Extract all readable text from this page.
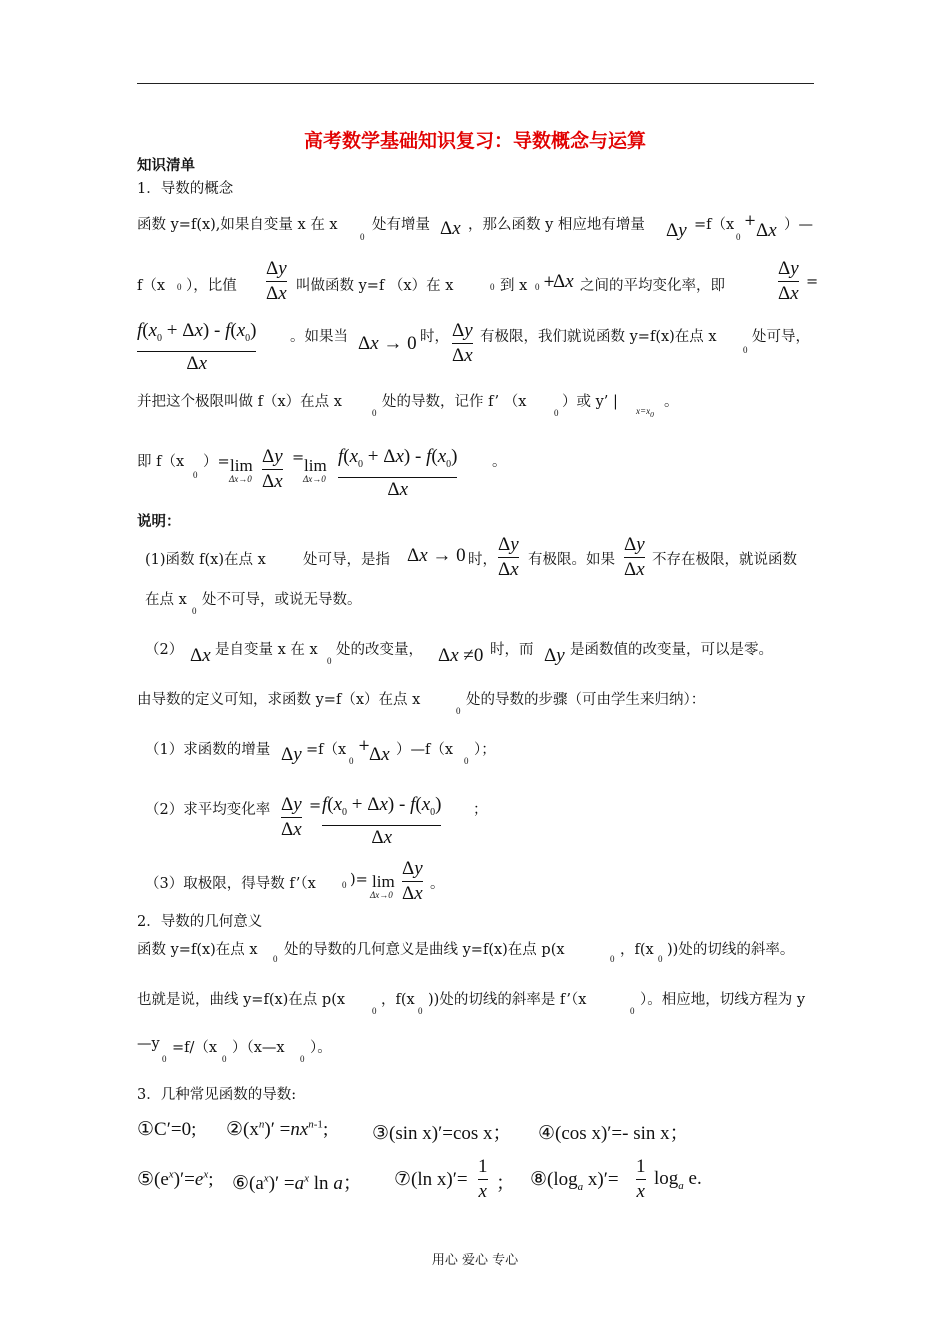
高考数学基础知识复习：导数概念与运算
知识清单
1．导数的概念
函数 y=f(x),如果自变量 x 在 x
0
处有增量 Δx ，那么函数 y 相应地有增量 Δy =f（x
0
+ Δx ）—
f（x 0 ），比值
Δy
Δx 叫做函数 y=f （x）在 x	0 到 x 0 +
Δx 之间的平均变化率，即
Δy
Δx
=
$f(x_0 + \Delta x) - f(x_0)$
Δx
。如果当 Δx → 0 时， Δy
Δx
有极限，我们就说函数 y=f(x)在点 x
0
处可导，
并把这个极限叫做 f（x）在点 x
0
处的导数，记作 f’ （x
0
）或 y’ |
$x=x_0$
。
即 f（x
0
）= lim
Δx→0
Δy
Δx
= lim
Δx→0
$f(x_0 + \Delta x) - f(x_0)$
Δx
。
说明：
(1)函数 f(x)在点 x	处可导，是指 Δx → 0 时，
Δy
Δx 有极限。如果
Δy
Δx 不存在极限，就说函数
在点 x
0
处不可导，或说无导数。
（2） Δx 是自变量 x 在 x
0
处的改变量， Δx ≠0 时，而 Δy 是函数值的改变量，可以是零。
由导数的定义可知，求函数 y=f（x）在点 x
0
处的导数的步骤（可由学生来归纳）：
（1）求函数的增量 Δy =f（x
0
+
Δx ）—f（x
0
）；
（2）求平均变化率 Δy
Δx
= $f(x_0 + \Delta x) - f(x_0)$
Δx
；
（3）取极限，得导数 f’（x	0 )= lim
Δx→0
Δy
Δx 。
2．导数的几何意义
函数 y=f(x)在点 x
0
处的导数的几何意义是曲线 y=f(x)在点 p(x
0
，f(x
0
))处的切线的斜率。
也就是说，曲线 y=f(x)在点 p(x
0
，f(x
0
))处的切线的斜率是 f’（x
0
）。相应地，切线方程为 y
—y
0
=f/（x
0
）（x—x
0
）。
3．几种常见函数的导数:
①C′=0; $②(x^n)' =nx^{n-1}$; ③(sin x)′=cos x； ④(cos x)′=- sin x；
$⑤(e^x)'=e^x$; $⑥(a^x)' =a^x$ ln a； ⑦(ln x)′=
1
x ； $⑧(\log_a$ x)′=
1
x
$\log_a e$.
用心 爱心 专心
